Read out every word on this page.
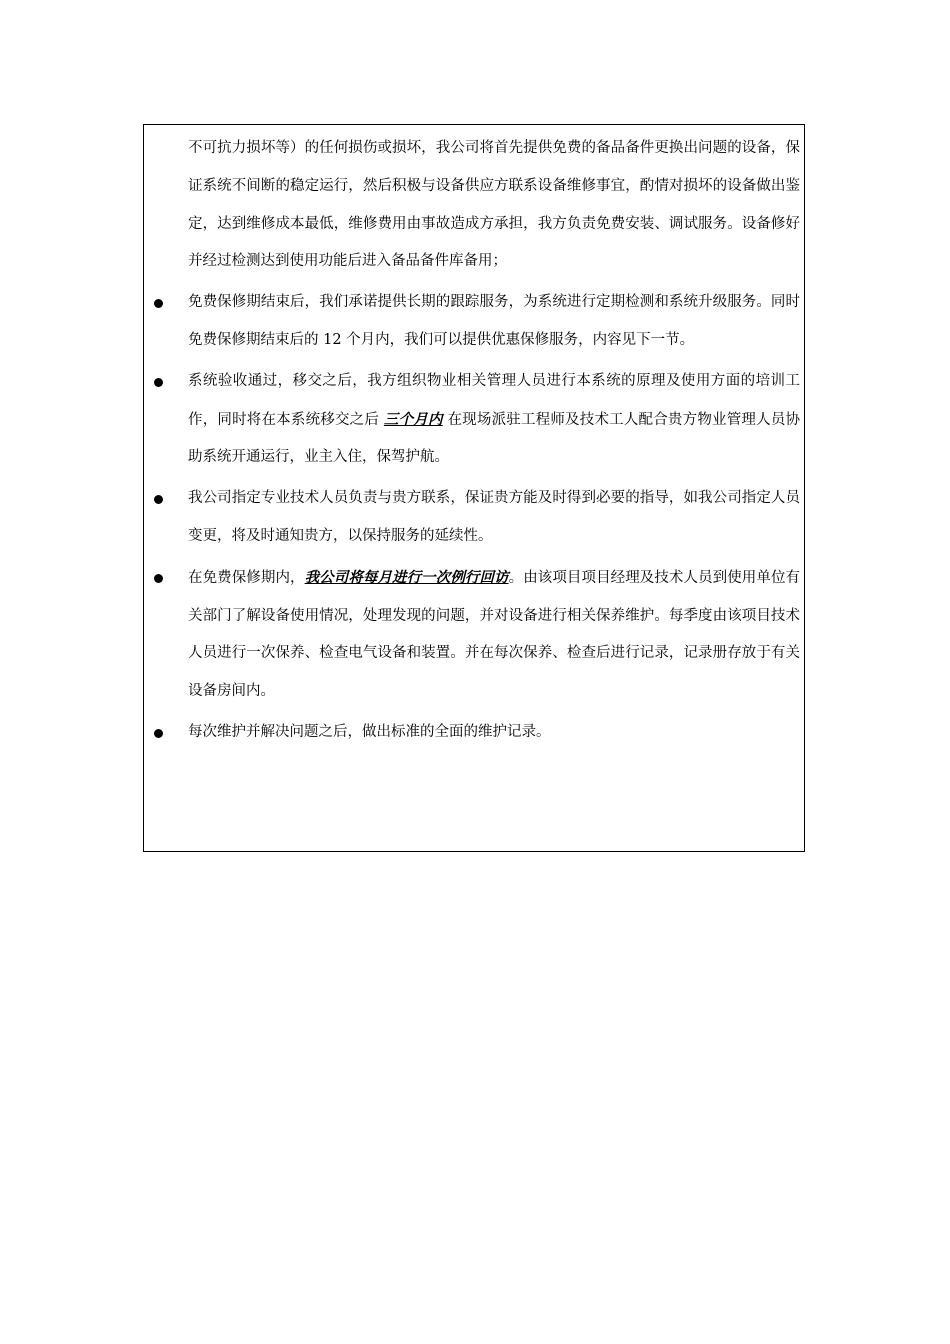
不可抗力损坏等）的任何损伤或损坏，我公司将首先提供免费的备品备件更换出问题的设备，保证系统不间断的稳定运行，然后积极与设备供应方联系设备维修事宜，酌情对损坏的设备做出鉴定，达到维修成本最低，维修费用由事故造成方承担，我方负责免费安装、调试服务。设备修好并经过检测达到使用功能后进入备品备件库备用；

免费保修期结束后，我们承诺提供长期的跟踪服务，为系统进行定期检测和系统升级服务。同时免费保修期结束后的 12 个月内，我们可以提供优惠保修服务，内容见下一节。

系统验收通过，移交之后，我方组织物业相关管理人员进行本系统的原理及使用方面的培训工作，同时将在本系统移交之后 三个月内 在现场派驻工程师及技术工人配合贵方物业管理人员协助系统开通运行，业主入住，保驾护航。

我公司指定专业技术人员负责与贵方联系，保证贵方能及时得到必要的指导，如我公司指定人员变更，将及时通知贵方，以保持服务的延续性。

在免费保修期内，我公司将每月进行一次例行回访。由该项目项目经理及技术人员到使用单位有关部门了解设备使用情况，处理发现的问题，并对设备进行相关保养维护。每季度由该项目技术人员进行一次保养、检查电气设备和装置。并在每次保养、检查后进行记录，记录册存放于有关设备房间内。

每次维护并解决问题之后，做出标准的全面的维护记录。
